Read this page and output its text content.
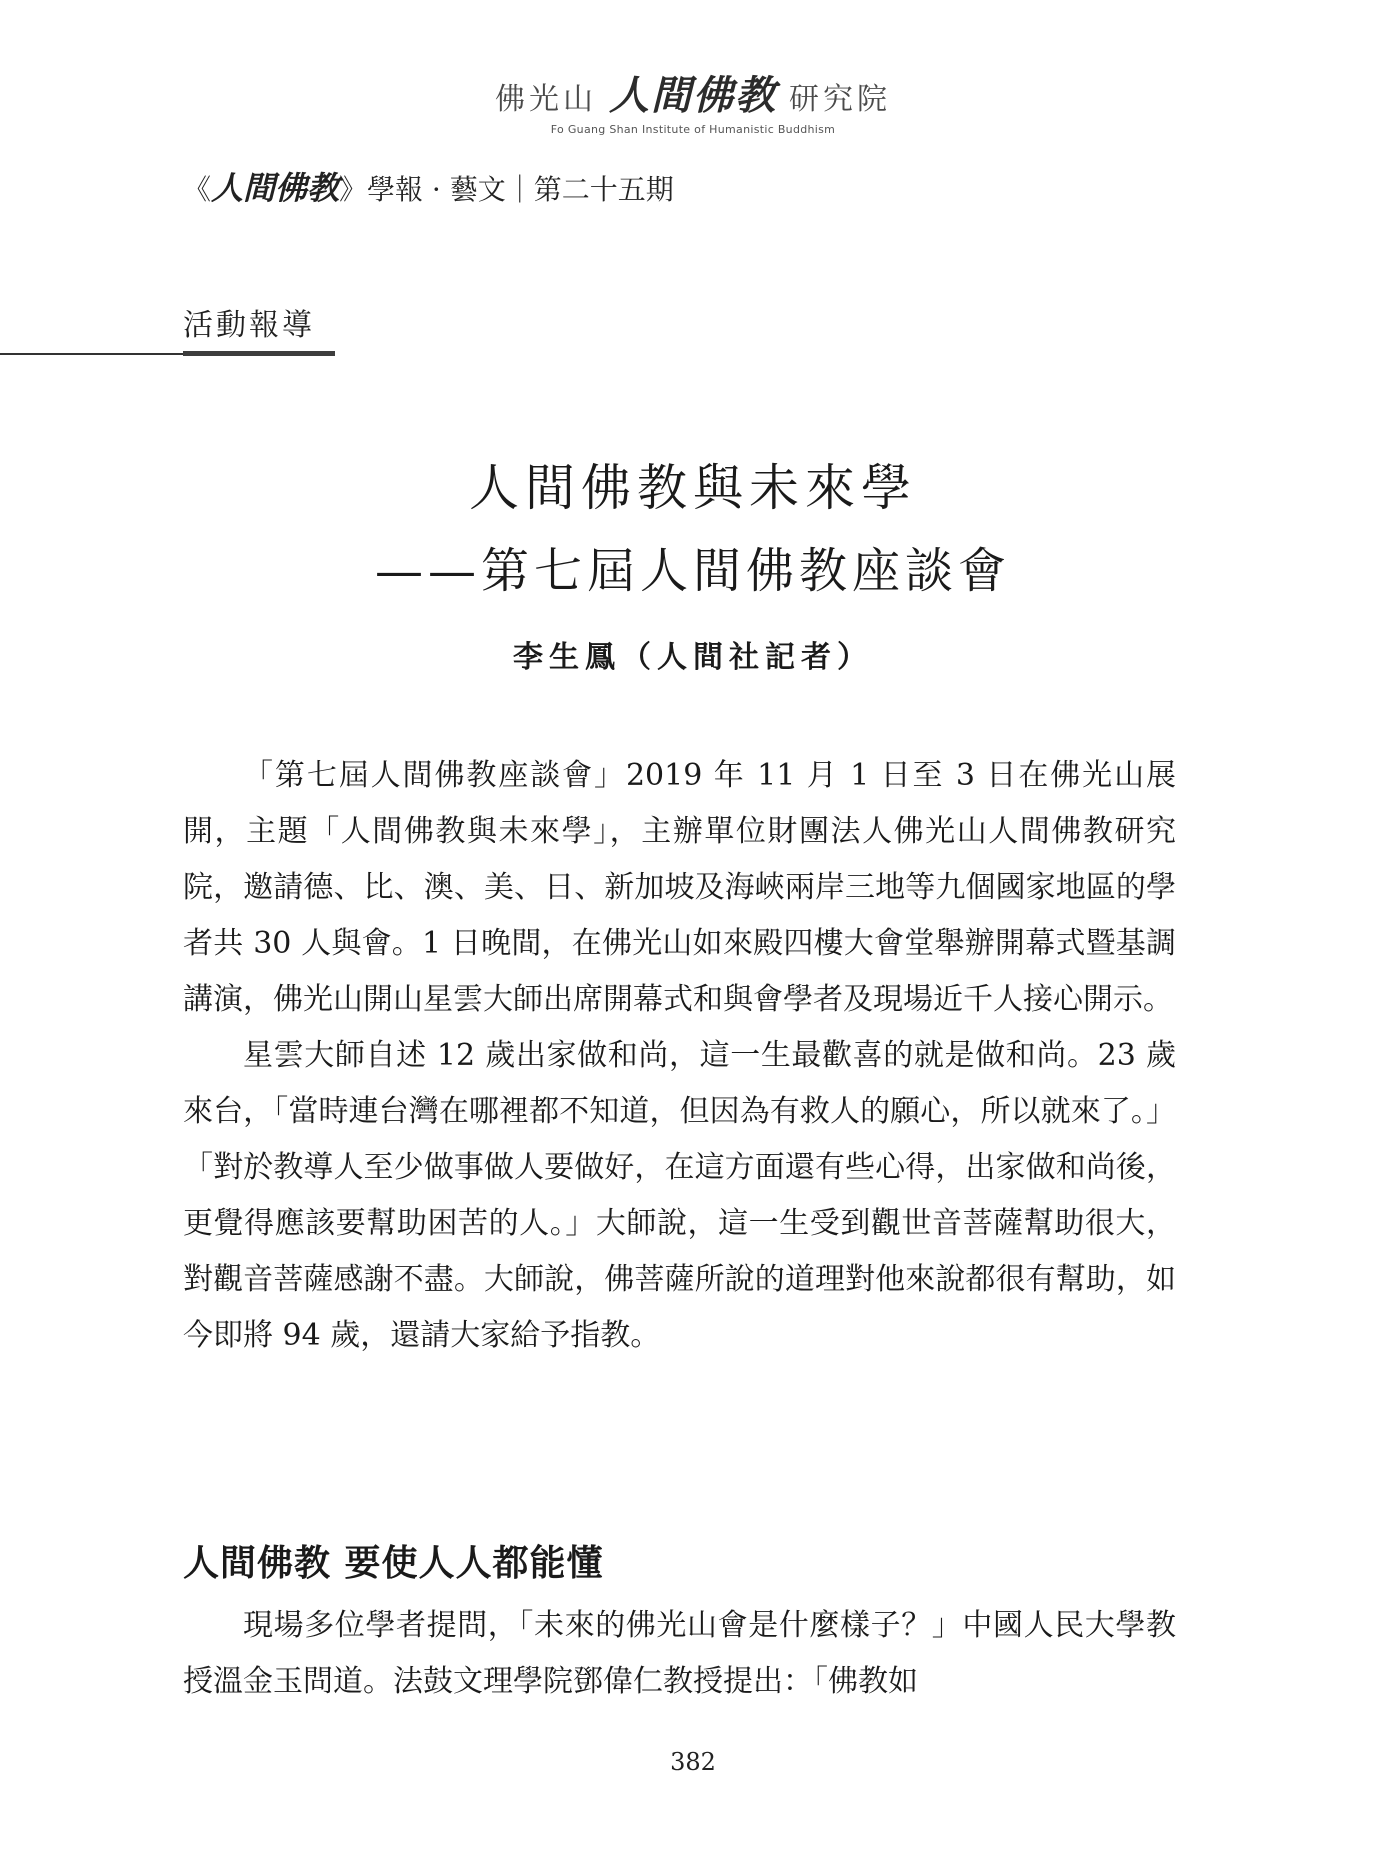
佛光山 人間佛教 研究院
Fo Guang Shan Institute of Humanistic Buddhism
《人間佛教》學報 · 藝文｜第二十五期
活動報導
人間佛教與未來學
——第七屆人間佛教座談會
李生鳳（人間社記者）

「第七屆人間佛教座談會」2019 年 11 月 1 日至 3 日在佛光山展開，主題「人間佛教與未來學」，主辦單位財團法人佛光山人間佛教研究院，邀請德、比、澳、美、日、新加坡及海峽兩岸三地等九個國家地區的學者共 30 人與會。1 日晚間，在佛光山如來殿四樓大會堂舉辦開幕式暨基調講演，佛光山開山星雲大師出席開幕式和與會學者及現場近千人接心開示。

星雲大師自述 12 歲出家做和尚，這一生最歡喜的就是做和尚。23 歲來台，「當時連台灣在哪裡都不知道，但因為有救人的願心，所以就來了。」「對於教導人至少做事做人要做好，在這方面還有些心得，出家做和尚後，更覺得應該要幫助困苦的人。」大師說，這一生受到觀世音菩薩幫助很大，對觀音菩薩感謝不盡。大師說，佛菩薩所說的道理對他來說都很有幫助，如今即將 94 歲，還請大家給予指教。

人間佛教 要使人人都能懂

現場多位學者提問，「未來的佛光山會是什麼樣子？」中國人民大學教授溫金玉問道。法鼓文理學院鄧偉仁教授提出：「佛教如

382
